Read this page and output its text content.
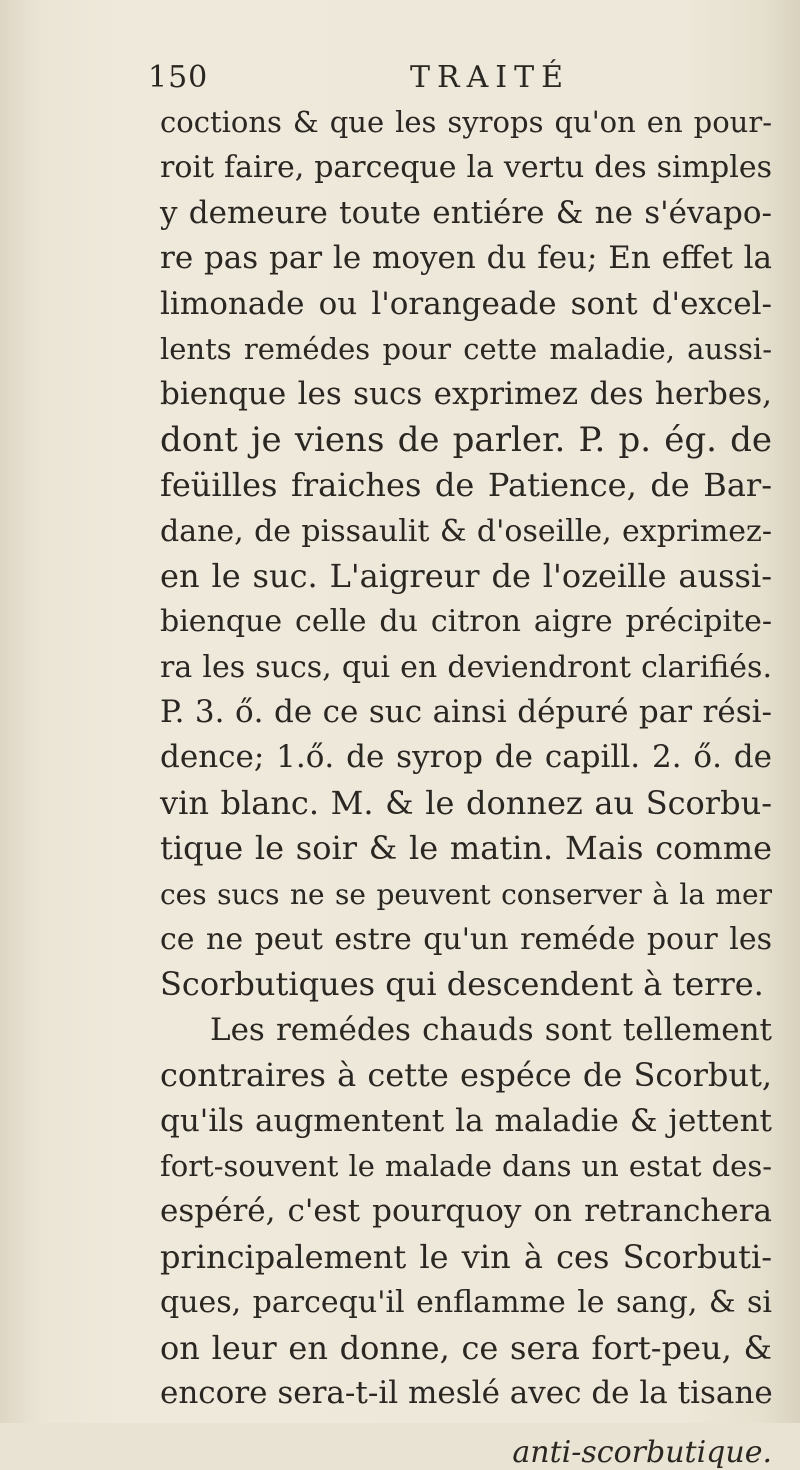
150	TRAITÉ
coctions & que les syrops qu'on en pour-
roit faire, parceque la vertu des simples
y demeure toute entiére & ne s'évapo-
re pas par le moyen du feu; En effet la
limonade ou l'orangeade sont d'excel-
lents remédes pour cette maladie, aussi-
bienque les sucs exprimez des herbes,
dont je viens de parler. P. p. ég. de
feüilles fraiches de Patience, de Bar-
dane, de pissaulit & d'oseille, exprimez-
en le suc. L'aigreur de l'ozeille aussi-
bienque celle du citron aigre précipite-
ra les sucs, qui en deviendront clarifiés.
P. 3. ő. de ce suc ainsi dépuré par rési-
dence; 1.ő. de syrop de capill. 2. ő. de
vin blanc. M. & le donnez au Scorbu-
tique le soir & le matin. Mais comme
ces sucs ne se peuvent conserver à la mer
ce ne peut estre qu'un reméde pour les
Scorbutiques qui descendent à terre.
Les remédes chauds sont tellement
contraires à cette espéce de Scorbut,
qu'ils augmentent la maladie & jettent
fort-souvent le malade dans un estat des-
espéré, c'est pourquoy on retranchera
principalement le vin à ces Scorbuti-
ques, parcequ'il enflamme le sang, & si
on leur en donne, ce sera fort-peu, &
encore sera-t-il meslé avec de la tisane
anti-scorbutique.
